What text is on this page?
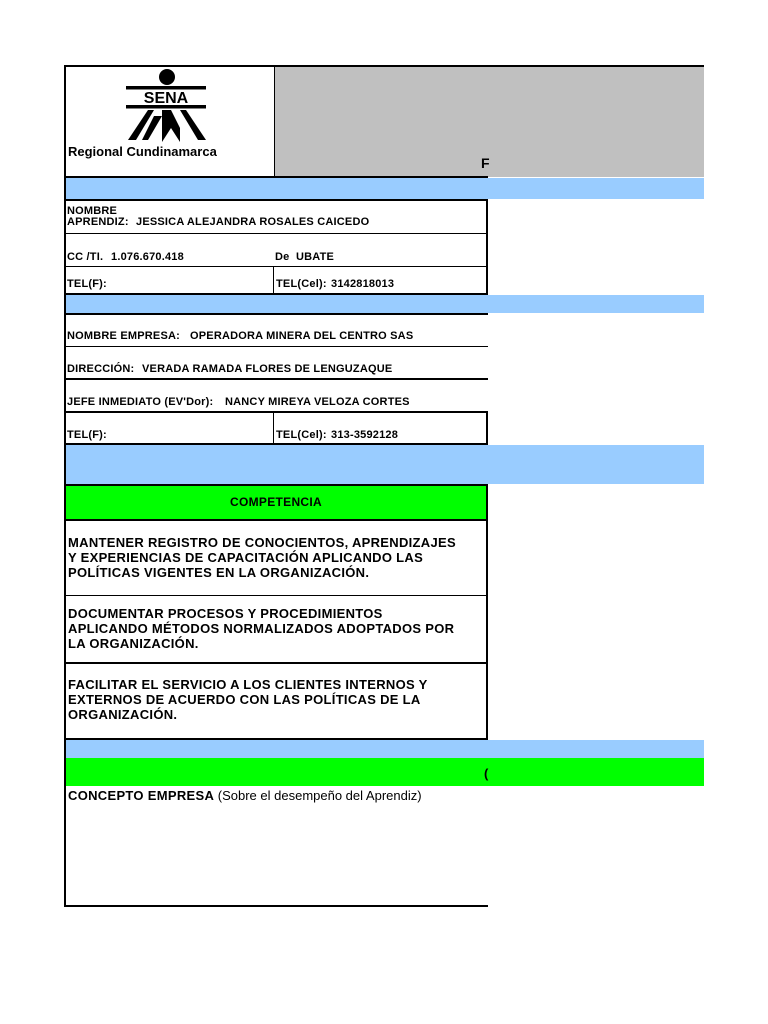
F
SENA
Regional Cundinamarca
NOMBRE
APRENDIZ: JESSICA ALEJANDRA ROSALES CAICEDO
CC /TI. 1.076.670.418	De UBATE
TEL(F):	TEL(Cel): 3142818013
NOMBRE EMPRESA: OPERADORA MINERA DEL CENTRO SAS
DIRECCIÓN: VERADA RAMADA FLORES DE LENGUZAQUE
JEFE INMEDIATO (EV'Dor): NANCY MIREYA VELOZA CORTES
TEL(F):	TEL(Cel): 313-3592128
COMPETENCIA
MANTENER REGISTRO DE CONOCIENTOS, APRENDIZAJES
Y EXPERIENCIAS DE CAPACITACIÓN APLICANDO LAS
POLÍTICAS VIGENTES EN LA ORGANIZACIÓN.
DOCUMENTAR PROCESOS Y PROCEDIMIENTOS
APLICANDO MÉTODOS NORMALIZADOS ADOPTADOS POR
LA ORGANIZACIÓN.
FACILITAR EL SERVICIO A LOS CLIENTES INTERNOS Y
EXTERNOS DE ACUERDO CON LAS POLÍTICAS DE LA
ORGANIZACIÓN.
(
CONCEPTO EMPRESA (Sobre el desempeño del Aprendiz)
